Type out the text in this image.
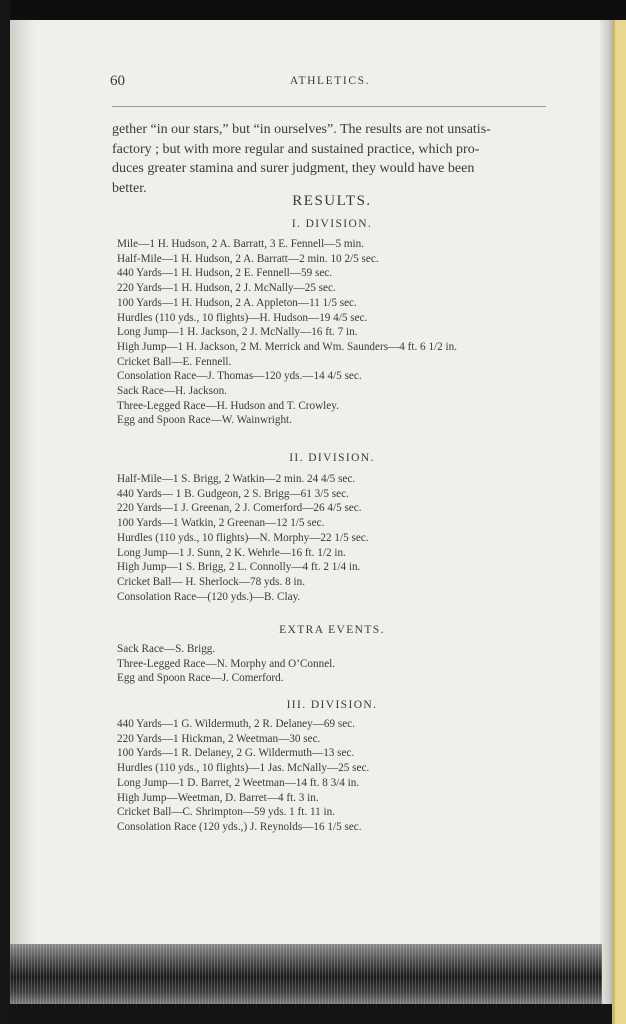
60	ATHLETICS.
gether “in our stars,” but “in ourselves”. The results are not unsatis-
factory ; but with more regular and sustained practice, which pro-
duces greater stamina and surer judgment, they would have been
better.
RESULTS.
I. DIVISION.
Mile—1 H. Hudson, 2 A. Barratt, 3 E. Fennell—5 min.
Half-Mile—1 H. Hudson, 2 A. Barratt—2 min. 10 2/5 sec.
440 Yards—1 H. Hudson, 2 E. Fennell—59 sec.
220 Yards—1 H. Hudson, 2 J. McNally—25 sec.
100 Yards—1 H. Hudson, 2 A. Appleton—11 1/5 sec.
Hurdles (110 yds., 10 flights)—H. Hudson—19 4/5 sec.
Long Jump—1 H. Jackson, 2 J. McNally—16 ft. 7 in.
High Jump—1 H. Jackson, 2 M. Merrick and Wm. Saunders—4 ft. 6 1/2 in.
Cricket Ball—E. Fennell.
Consolation Race—J. Thomas—120 yds.—14 4/5 sec.
Sack Race—H. Jackson.
Three-Legged Race—H. Hudson and T. Crowley.
Egg and Spoon Race—W. Wainwright.
II. DIVISION.
Half-Mile—1 S. Brigg, 2 Watkin—2 min. 24 4/5 sec.
440 Yards— 1 B. Gudgeon, 2 S. Brigg—61 3/5 sec.
220 Yards—1 J. Greenan, 2 J. Comerford—26 4/5 sec.
100 Yards—1 Watkin, 2 Greenan—12 1/5 sec.
Hurdles (110 yds., 10 flights)—N. Morphy—22 1/5 sec.
Long Jump—1 J. Sunn, 2 K. Wehrle—16 ft. 1/2 in.
High Jump—1 S. Brigg, 2 L. Connolly—4 ft. 2 1/4 in.
Cricket Ball— H. Sherlock—78 yds. 8 in.
Consolation Race—(120 yds.)—B. Clay.
EXTRA EVENTS.
Sack Race—S. Brigg.
Three-Legged Race—N. Morphy and O’Connel.
Egg and Spoon Race—J. Comerford.
III. DIVISION.
440 Yards—1 G. Wildermuth, 2 R. Delaney—69 sec.
220 Yards—1 Hickman, 2 Weetman—30 sec.
100 Yards—1 R. Delaney, 2 G. Wildermuth—13 sec.
Hurdles (110 yds., 10 flights)—1 Jas. McNally—25 sec.
Long Jump—1 D. Barret, 2 Weetman—14 ft. 8 3/4 in.
High Jump—Weetman, D. Barret—4 ft. 3 in.
Cricket Ball—C. Shrimpton—59 yds. 1 ft. 11 in.
Consolation Race (120 yds.,) J. Reynolds—16 1/5 sec.
